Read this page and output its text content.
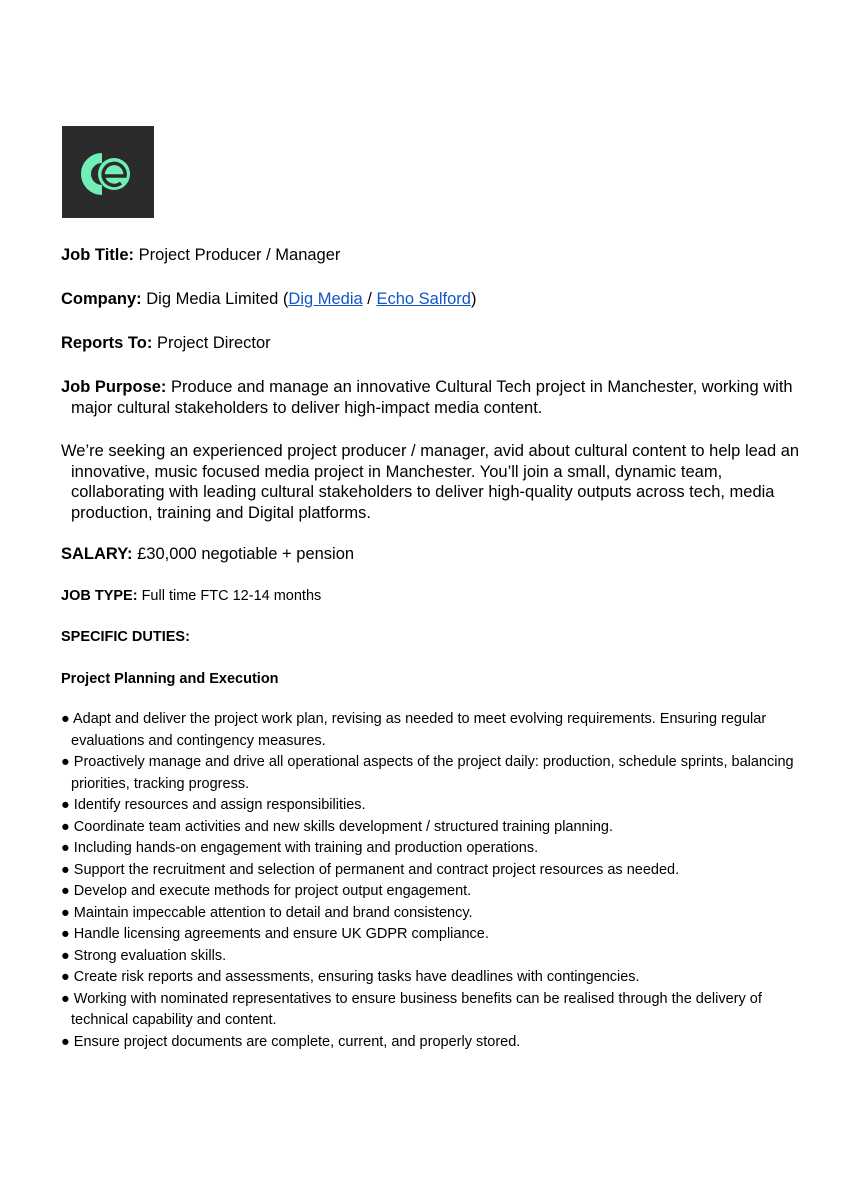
Job Title: Project Producer / Manager
Company: Dig Media Limited (Dig Media / Echo Salford)
Reports To: Project Director
Job Purpose: Produce and manage an innovative Cultural Tech project in Manchester, working with major cultural stakeholders to deliver high-impact media content.
We’re seeking an experienced project producer / manager, avid about cultural content to help lead an innovative, music focused media project in Manchester. You’ll join a small, dynamic team, collaborating with leading cultural stakeholders to deliver high-quality outputs across tech, media production, training and Digital platforms.
SALARY: £30,000 negotiable + pension
JOB TYPE: Full time FTC 12-14 months
SPECIFIC DUTIES:
Project Planning and Execution
● Adapt and deliver the project work plan, revising as needed to meet evolving requirements. Ensuring regular evaluations and contingency measures.
● Proactively manage and drive all operational aspects of the project daily: production, schedule sprints, balancing priorities, tracking progress.
● Identify resources and assign responsibilities.
● Coordinate team activities and new skills development / structured training planning.
● Including hands-on engagement with training and production operations.
● Support the recruitment and selection of permanent and contract project resources as needed.
● Develop and execute methods for project output engagement.
● Maintain impeccable attention to detail and brand consistency.
● Handle licensing agreements and ensure UK GDPR compliance.
● Strong evaluation skills.
● Create risk reports and assessments, ensuring tasks have deadlines with contingencies.
● Working with nominated representatives to ensure business benefits can be realised through the delivery of technical capability and content.
● Ensure project documents are complete, current, and properly stored.
